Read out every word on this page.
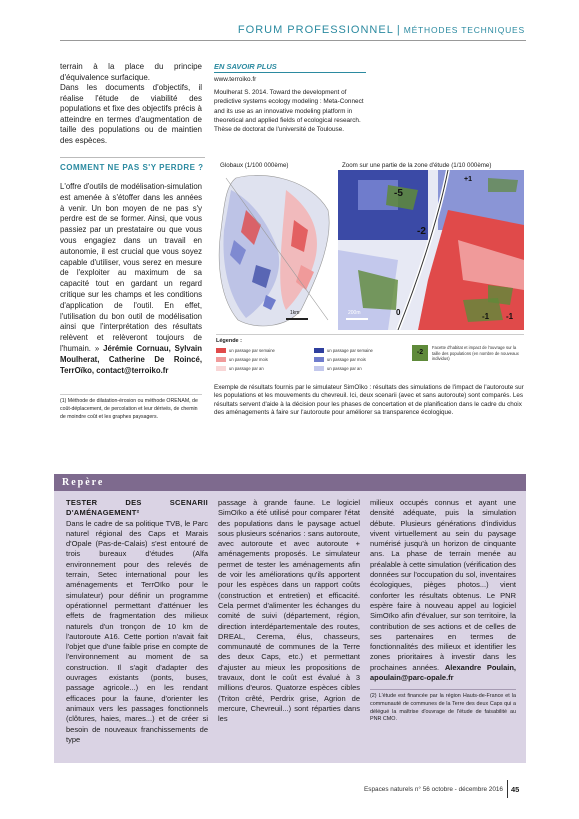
FORUM PROFESSIONNEL | MÉTHODES TECHNIQUES
terrain à la place du principe d'équivalence surfacique.
Dans les documents d'objectifs, il réalise l'étude de viabilité des populations et fixe des objectifs précis à atteindre en termes d'augmentation de taille des populations ou de maintien des espèces.
EN SAVOIR PLUS
www.terroiko.fr
Moulherat S. 2014. Toward the development of predictive systems ecology modeling : Meta-Connect and its use as an innovative modeling platform in theoretical and applied fields of ecological research. Thèse de doctorat de l'université de Toulouse.
COMMENT NE PAS S'Y PERDRE ?
L'offre d'outils de modélisation-simulation est amenée à s'étoffer dans les années à venir. Un bon moyen de ne pas s'y perdre est de se former. Ainsi, que vous passiez par un prestataire ou que vous vous engagiez dans un travail en autonomie, il est crucial que vous soyez capable d'utiliser, vous serez en mesure de l'exploiter au maximum de sa capacité tout en gardant un regard critique sur les champs et les conditions d'application de l'outil. En effet, l'utilisation du bon outil de modélisation ainsi que l'interprétation des résultats relèvent et relèveront toujours de l'humain. » Jérémie Cornuau, Sylvain Moulherat, Catherine De Roincé, TerrOïko, contact@terroiko.fr
(1) Méthode de dilatation-érosion ou méthode ORENAM, de coût-déplacement, de percolation et leur dérivés, de chemin de moindre coût et les graphes paysagers.
Globaux (1/100 000ème)	Zoom sur une partie de la zone d'étude (1/10 000ème)
1km
-5
-2
-1 -1
0
+1
200m
Légende :
un passage par semaine
un passage par mois
un passage par an
un passage par semaine
un passage par mois
un passage par an
-2
Facette d'habitat et impact de l'ouvrage sur la taille des populations (en nombre de nouveaux individus)
Exemple de résultats fournis par le simulateur SimOïko : résultats des simulations de l'impact de l'autoroute sur les populations et les mouvements du chevreuil. Ici, deux scenarii (avec et sans autoroute) sont comparés. Les résultats servent d'aide à la décision pour les phases de concertation et de planification dans le cadre du choix des aménagements à faire sur l'autoroute pour améliorer sa transparence écologique.
Repère
TESTER DES SCENARII D'AMÉNAGEMENT²
Dans le cadre de sa politique TVB, le Parc naturel régional des Caps et Marais d'Opale (Pas-de-Calais) s'est entouré de trois bureaux d'études (Alfa environnement pour des relevés de terrain, Setec international pour les aménagements et TerrOïko pour le simulateur) pour définir un programme opérationnel permettant d'atténuer les effets de fragmentation des milieux naturels d'un tronçon de 10 km de l'autoroute A16. Cette portion n'avait fait l'objet que d'une faible prise en compte de l'environnement au moment de sa construction. Il s'agit d'adapter des ouvrages existants (ponts, buses, passage agricole...) en les rendant efficaces pour la faune, d'orienter les animaux vers les passages fonctionnels (clôtures, haies, mares...) et de créer si besoin de nouveaux franchissements de type
passage à grande faune. Le logiciel SimOïko a été utilisé pour comparer l'état des populations dans le paysage actuel sous plusieurs scénarios : sans autoroute, avec autoroute et avec autoroute + aménagements proposés. Le simulateur permet de tester les aménagements afin de voir les améliorations qu'ils apportent pour les espèces dans un rapport coûts (construction et entretien) et efficacité. Cela permet d'alimenter les échanges du comité de suivi (département, région, direction interdépartementale des routes, DREAL, Cerema, élus, chasseurs, communauté de communes de la Terre des deux Caps, etc.) et permettant d'ajuster au mieux les propositions de travaux, dont le coût est évalué à 3 millions d'euros. Quatorze espèces cibles (Triton crêté, Perdrix grise, Agrion de mercure, Chevreuil...) sont réparties dans les
milieux occupés connus et ayant une densité adéquate, puis la simulation débute. Plusieurs générations d'individus vivent virtuellement au sein du paysage numérisé jusqu'à un horizon de cinquante ans. La phase de terrain menée au préalable à cette simulation (vérification des données sur l'occupation du sol, inventaires écologiques, pièges photos...) vient conforter les résultats obtenus. Le PNR espère faire à nouveau appel au logiciel SimOïko afin d'évaluer, sur son territoire, la contribution de ses actions et de celles de ses partenaires en termes de fonctionnalités des milieux et identifier les zones prioritaires à investir dans les prochaines années. Alexandre Poulain, apoulain@parc-opale.fr
(2) L'étude est financée par la région Hauts-de-France et la communauté de communes de la Terre des deux Caps qui a délégué la maîtrise d'ouvrage de l'étude de faisabilité au PNR CMO.
Espaces naturels n° 56 octobre - décembre 2016 45
